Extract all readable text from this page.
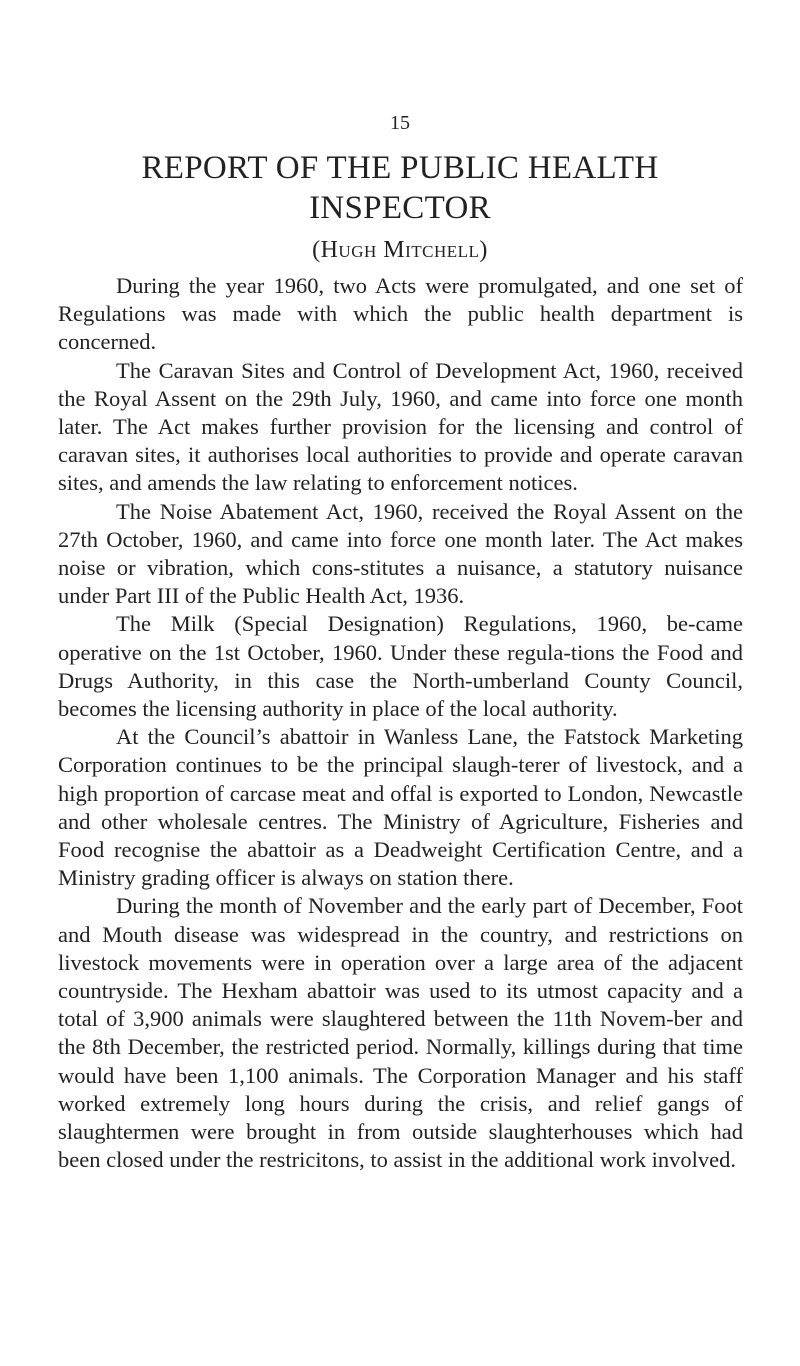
15
REPORT OF THE PUBLIC HEALTH
INSPECTOR
(Hugh Mitchell)

During the year 1960, two Acts were promulgated, and one set of Regulations was made with which the public health department is concerned.

The Caravan Sites and Control of Development Act, 1960, received the Royal Assent on the 29th July, 1960, and came into force one month later. The Act makes further provision for the licensing and control of caravan sites, it authorises local authorities to provide and operate caravan sites, and amends the law relating to enforcement notices.

The Noise Abatement Act, 1960, received the Royal Assent on the 27th October, 1960, and came into force one month later. The Act makes noise or vibration, which cons-stitutes a nuisance, a statutory nuisance under Part III of the Public Health Act, 1936.

The Milk (Special Designation) Regulations, 1960, be-came operative on the 1st October, 1960. Under these regula-tions the Food and Drugs Authority, in this case the North-umberland County Council, becomes the licensing authority in place of the local authority.

At the Council’s abattoir in Wanless Lane, the Fatstock Marketing Corporation continues to be the principal slaugh-terer of livestock, and a high proportion of carcase meat and offal is exported to London, Newcastle and other wholesale centres. The Ministry of Agriculture, Fisheries and Food recognise the abattoir as a Deadweight Certification Centre, and a Ministry grading officer is always on station there.

During the month of November and the early part of December, Foot and Mouth disease was widespread in the country, and restrictions on livestock movements were in operation over a large area of the adjacent countryside. The Hexham abattoir was used to its utmost capacity and a total of 3,900 animals were slaughtered between the 11th Novem-ber and the 8th December, the restricted period. Normally, killings during that time would have been 1,100 animals. The Corporation Manager and his staff worked extremely long hours during the crisis, and relief gangs of slaughtermen were brought in from outside slaughterhouses which had been closed under the restricitons, to assist in the additional work involved.
